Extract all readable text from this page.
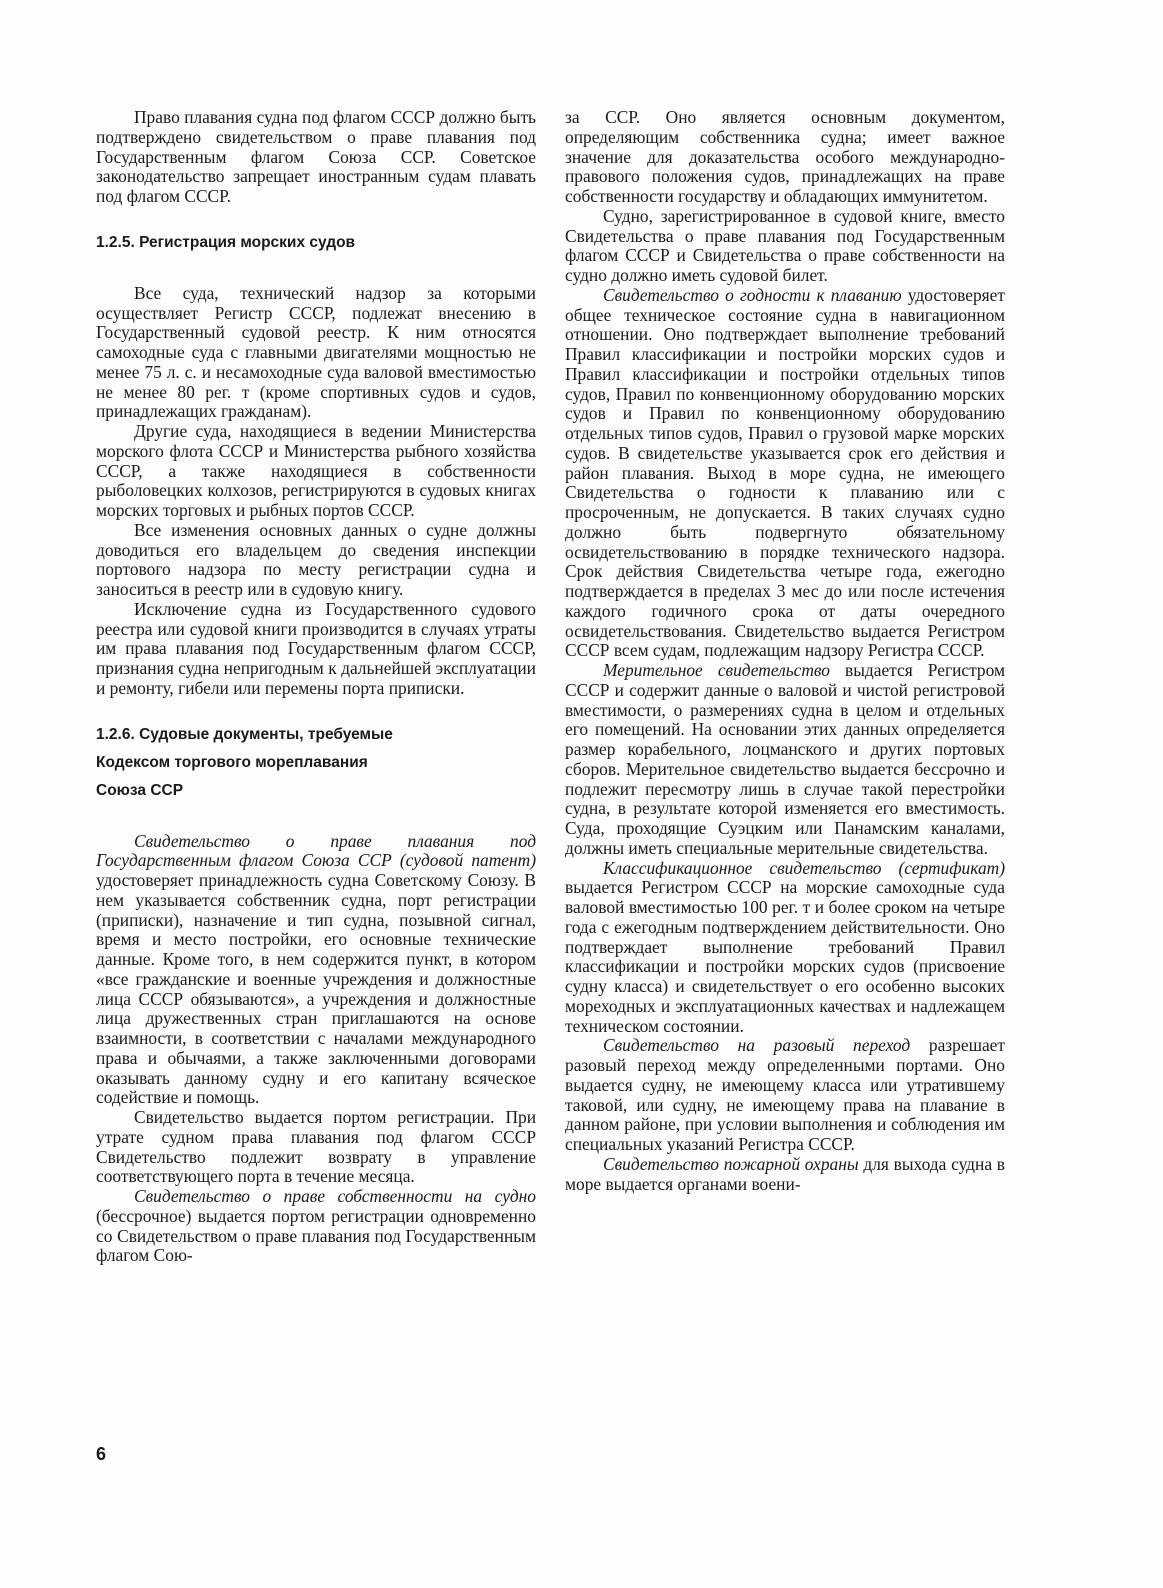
Право плавания судна под флагом СССР должно быть подтверждено свидетельством о праве плавания под Государственным флагом Союза ССР. Советское законодательство запрещает иностранным судам плавать под флагом СССР.

1.2.5. Регистрация морских судов

Все суда, технический надзор за которыми осуществляет Регистр СССР, подлежат внесению в Государственный судовой реестр. К ним относятся самоходные суда с главными двигателями мощностью не менее 75 л. с. и несамоходные суда валовой вместимостью не менее 80 рег. т (кроме спортивных судов и судов, принадлежащих гражданам).

Другие суда, находящиеся в ведении Министерства морского флота СССР и Министерства рыбного хозяйства СССР, а также находящиеся в собственности рыболовецких колхозов, регистрируются в судовых книгах морских торговых и рыбных портов СССР.

Все изменения основных данных о судне должны доводиться его владельцем до сведения инспекции портового надзора по месту регистрации судна и заноситься в реестр или в судовую книгу.

Исключение судна из Государственного судового реестра или судовой книги производится в случаях утраты им права плавания под Государственным флагом СССР, признания судна непригодным к дальнейшей эксплуатации и ремонту, гибели или перемены порта приписки.

1.2.6. Судовые документы, требуемые
Кодексом торгового мореплавания
Союза ССР

Свидетельство о праве плавания под Государственным флагом Союза ССР (судовой патент) удостоверяет принадлежность судна Советскому Союзу. В нем указывается собственник судна, порт регистрации (приписки), назначение и тип судна, позывной сигнал, время и место постройки, его основные технические данные. Кроме того, в нем содержится пункт, в котором «все гражданские и военные учреждения и должностные лица СССР обязываются», а учреждения и должностные лица дружественных стран приглашаются на основе взаимности, в соответствии с началами международного права и обычаями, а также заключенными договорами оказывать данному судну и его капитану всяческое содействие и помощь.

Свидетельство выдается портом регистрации. При утрате судном права плавания под флагом СССР Свидетельство подлежит возврату в управление соответствующего порта в течение месяца.

Свидетельство о праве собственности на судно (бессрочное) выдается портом регистрации одновременно со Свидетельством о праве плавания под Государственным флагом Сою-

за ССР. Оно является основным документом, определяющим собственника судна; имеет важное значение для доказательства особого международно-правового положения судов, принадлежащих на праве собственности государству и обладающих иммунитетом.

Судно, зарегистрированное в судовой книге, вместо Свидетельства о праве плавания под Государственным флагом СССР и Свидетельства о праве собственности на судно должно иметь судовой билет.

Свидетельство о годности к плаванию удостоверяет общее техническое состояние судна в навигационном отношении. Оно подтверждает выполнение требований Правил классификации и постройки морских судов и Правил классификации и постройки отдельных типов судов, Правил по конвенционному оборудованию морских судов и Правил по конвенционному оборудованию отдельных типов судов, Правил о грузовой марке морских судов. В свидетельстве указывается срок его действия и район плавания. Выход в море судна, не имеющего Свидетельства о годности к плаванию или с просроченным, не допускается. В таких случаях судно должно быть подвергнуто обязательному освидетельствованию в порядке технического надзора. Срок действия Свидетельства четыре года, ежегодно подтверждается в пределах 3 мес до или после истечения каждого годичного срока от даты очередного освидетельствования. Свидетельство выдается Регистром СССР всем судам, подлежащим надзору Регистра СССР.

Мерительное свидетельство выдается Регистром СССР и содержит данные о валовой и чистой регистровой вместимости, о размерениях судна в целом и отдельных его помещений. На основании этих данных определяется размер корабельного, лоцманского и других портовых сборов. Мерительное свидетельство выдается бессрочно и подлежит пересмотру лишь в случае такой перестройки судна, в результате которой изменяется его вместимость. Суда, проходящие Суэцким или Панамским каналами, должны иметь специальные мерительные свидетельства.

Классификационное свидетельство (сертификат) выдается Регистром СССР на морские самоходные суда валовой вместимостью 100 рег. т и более сроком на четыре года с ежегодным подтверждением действительности. Оно подтверждает выполнение требований Правил классификации и постройки морских судов (присвоение судну класса) и свидетельствует о его особенно высоких мореходных и эксплуатационных качествах и надлежащем техническом состоянии.

Свидетельство на разовый переход разрешает разовый переход между определенными портами. Оно выдается судну, не имеющему класса или утратившему таковой, или судну, не имеющему права на плавание в данном районе, при условии выполнения и соблюдения им специальных указаний Регистра СССР.

Свидетельство пожарной охраны для выхода судна в море выдается органами воени-

6
